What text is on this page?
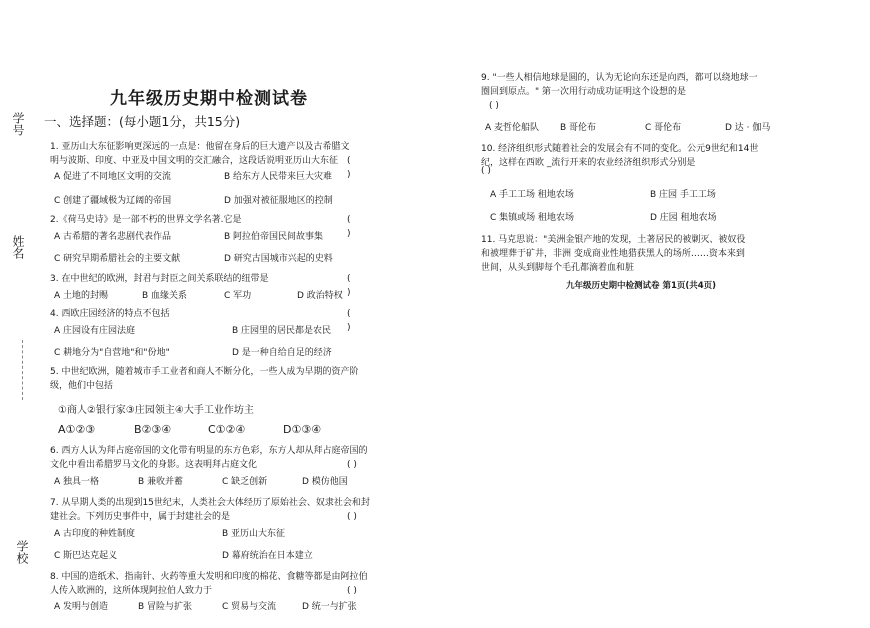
学号
姓名
学校
九年级历史期中检测试卷
一、选择题：(每小题1分，共15分)
1. 亚历山大东征影响更深远的一点是：他留在身后的巨大遗产以及古希腊文明与波斯、印度、中亚及中国文明的交汇融合，这段话说明亚历山大东征 ( )
A 促进了不同地区文明的交流	B 给东方人民带来巨大灾难
C 创建了疆域极为辽阔的帝国	D 加强对被征服地区的控制
2.《荷马史诗》是一部不朽的世界文学名著.它是	( )
A 古希腊的著名悲剧代表作品	B 阿拉伯帝国民间故事集
C 研究早期希腊社会的主要文献	D 研究古国城市兴起的史料
3. 在中世纪的欧洲，封君与封臣之间关系联结的纽带是	( )
A 土地的封赐	B 血缘关系	C 军功	D 政治特权
4. 西欧庄园经济的特点不包括	( )
A 庄园设有庄园法庭	B 庄园里的居民都是农民
C 耕地分为"自营地"和"份地"	D 是一种自给自足的经济
5. 中世纪欧洲，随着城市手工业者和商人不断分化，一些人成为早期的资产阶级，他们中包括
①商人②银行家③庄园领主④大手工业作坊主
A①②③	B②③④	C①②④	D①③④
6. 西方人认为拜占庭帝国的文化带有明显的东方色彩，东方人却从拜占庭帝国的文化中看出希腊罗马文化的身影。这表明拜占庭文化	( )
A 独具一格	B 兼收并蓄	C 缺乏创新	D 模仿他国
7. 从早期人类的出现到15世纪末，人类社会大体经历了原始社会、奴隶社会和封建社会。下列历史事件中，属于封建社会的是	( )
A 古印度的种姓制度	B 亚历山大东征
C 斯巴达克起义	D 幕府统治在日本建立
8. 中国的造纸术、指南针、火药等重大发明和印度的棉花、食糖等都是由阿拉伯人传入欧洲的，这所体现阿拉伯人致力于	( )
A 发明与创造	B 冒险与扩张	C 贸易与交流	D 统一与扩张
9. "一些人相信地球是圆的，认为无论向东还是向西，都可以绕地球一圈回到原点。" 第一次用行动成功证明这个设想的是
( )
A 麦哲伦船队 B 哥伦布	C 哥伦布	D 达 · 伽马
10. 经济组织形式随着社会的发展会有不同的变化。公元9世纪和14世纪，这样在西欧 _流行开来的农业经济组织形式分别是
( )
A 手工工场 租地农场	B 庄园 手工工场
C 集镇或场 租地农场	D 庄园 租地农场
11. 马克思说："美洲金银产地的发现，土著居民的被剿灭、被奴役和被埋葬于矿井，非洲 变成商业性地猎获黑人的场所……资本来到世间，从头到脚每个毛孔都滴着血和脏
九年级历史期中检测试卷 第1页(共4页)
